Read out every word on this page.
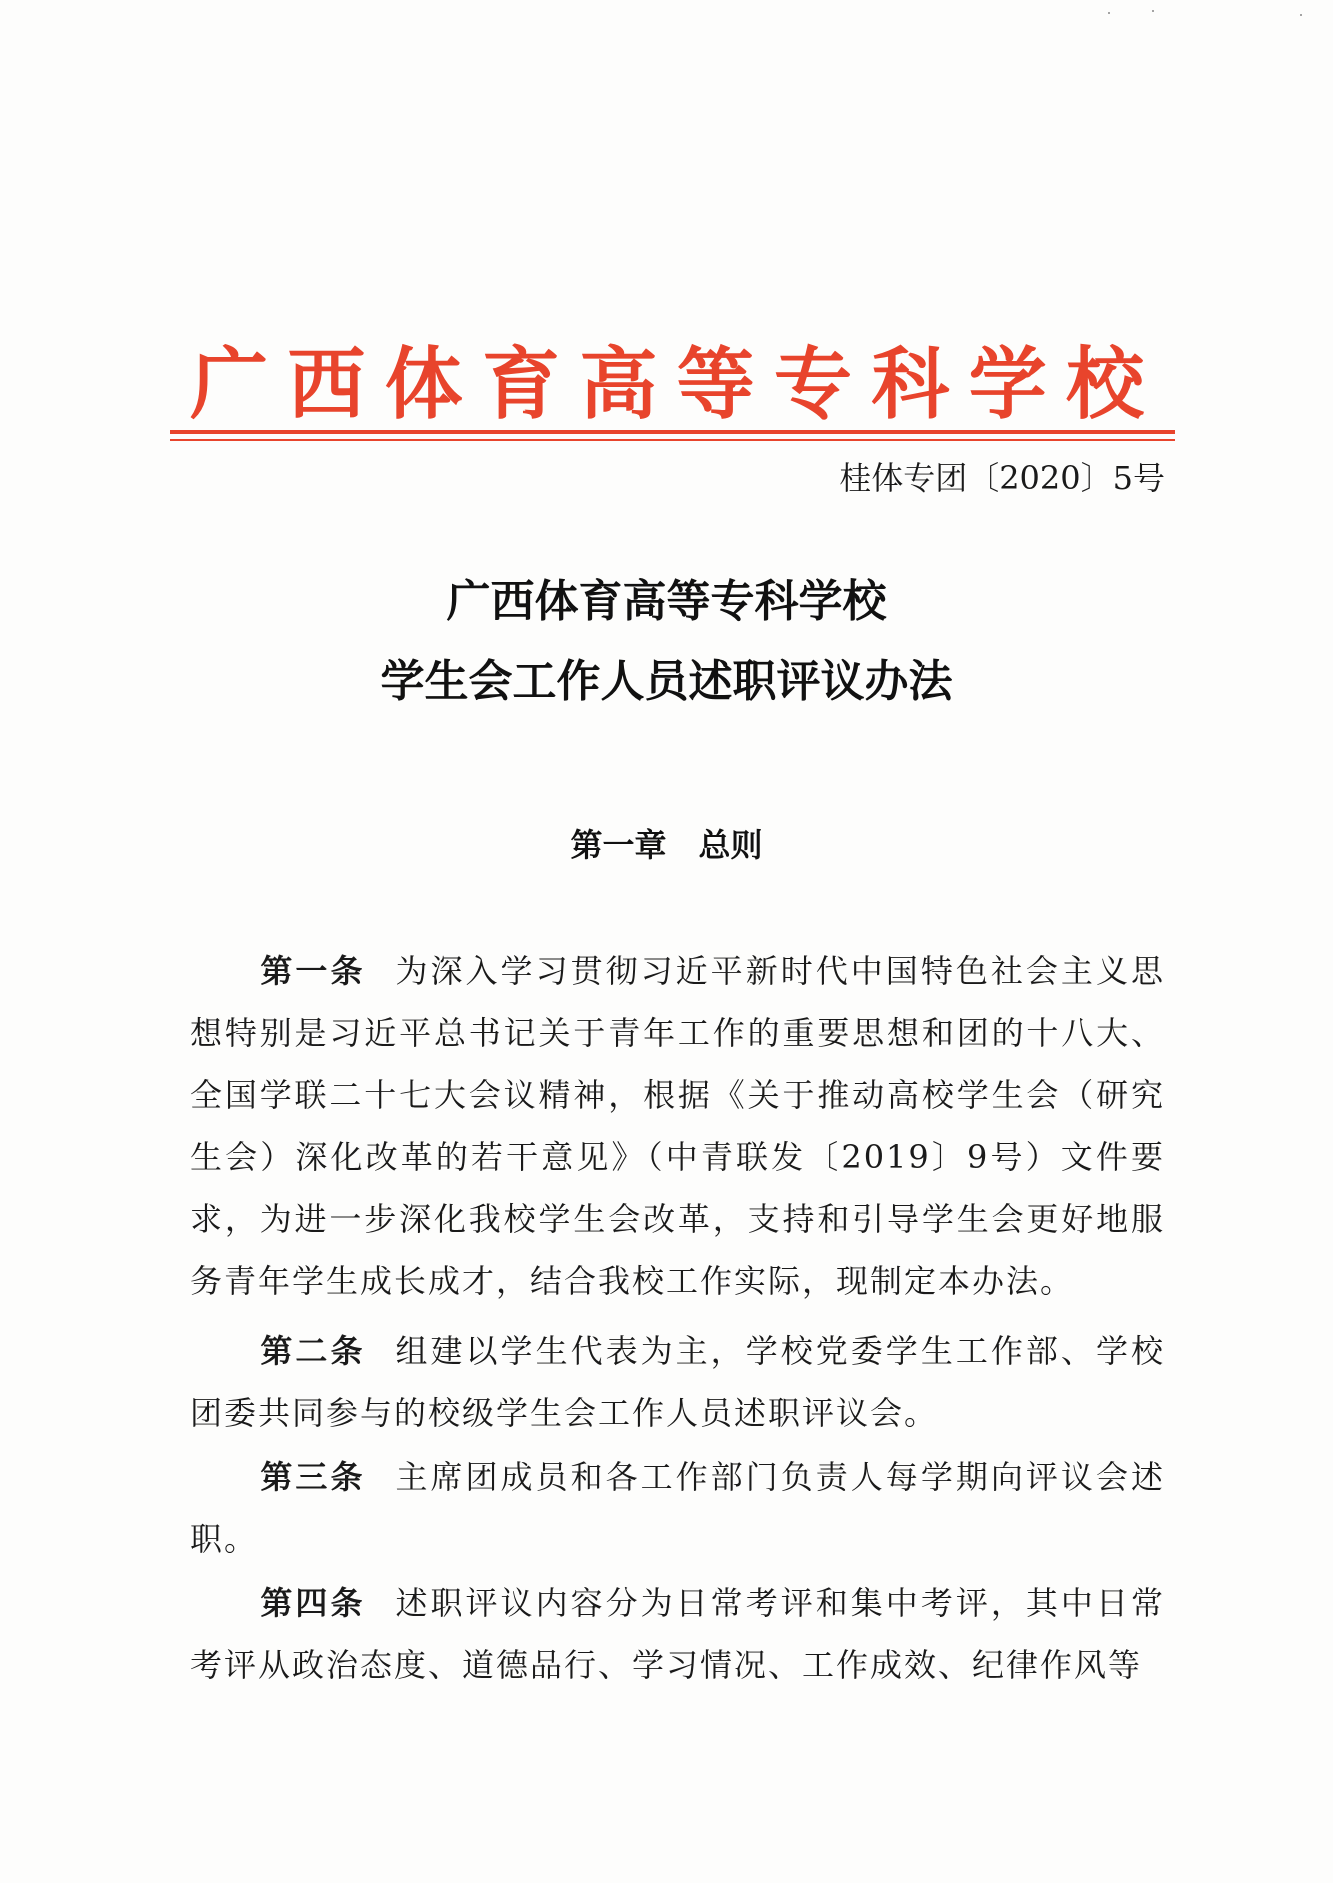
广西体育高等专科学校
桂体专团〔2020〕5号
广西体育高等专科学校
学生会工作人员述职评议办法
第一章　总则

第一条 为深入学习贯彻习近平新时代中国特色社会主义思想特别是习近平总书记关于青年工作的重要思想和团的十八大、全国学联二十七大会议精神，根据《关于推动高校学生会（研究生会）深化改革的若干意见》（中青联发〔2019〕9号）文件要求，为进一步深化我校学生会改革，支持和引导学生会更好地服务青年学生成长成才，结合我校工作实际，现制定本办法。

第二条 组建以学生代表为主，学校党委学生工作部、学校团委共同参与的校级学生会工作人员述职评议会。

第三条 主席团成员和各工作部门负责人每学期向评议会述职。

第四条 述职评议内容分为日常考评和集中考评，其中日常考评从政治态度、道德品行、学习情况、工作成效、纪律作风等
